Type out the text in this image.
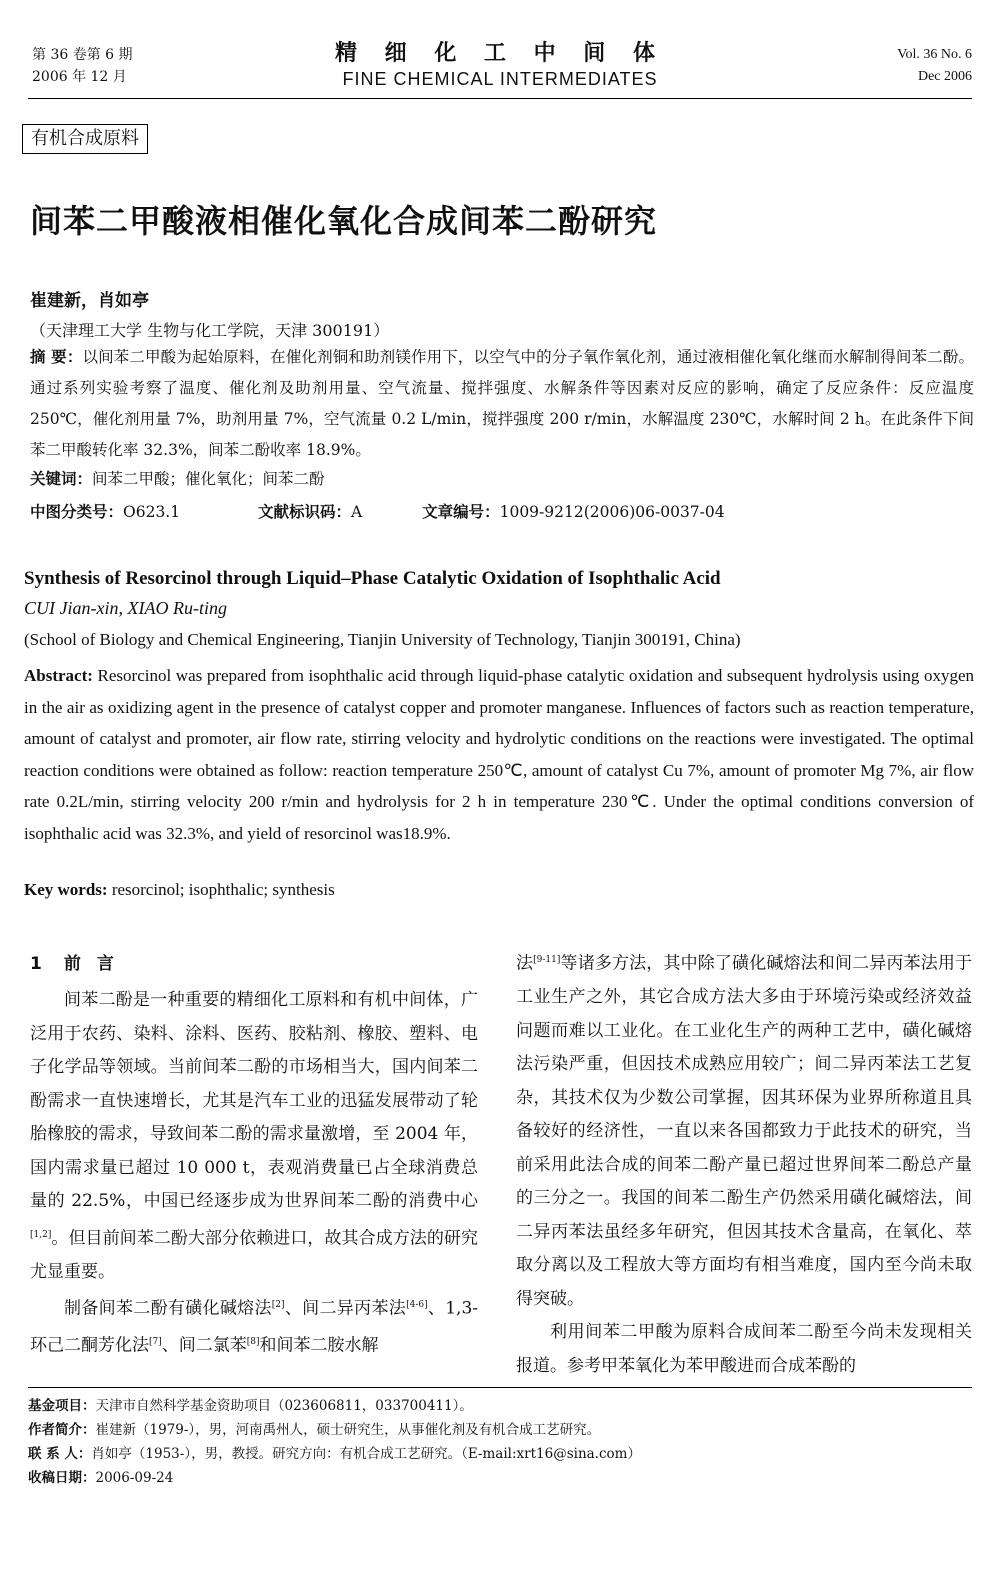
第 36 卷第 6 期
2006 年 12 月
精 细 化 工 中 间 体
FINE CHEMICAL INTERMEDIATES
Vol. 36 No. 6
Dec 2006
有机合成原料
间苯二甲酸液相催化氧化合成间苯二酚研究
崔建新，肖如亭
（天津理工大学 生物与化工学院，天津 300191）
摘 要：以间苯二甲酸为起始原料，在催化剂铜和助剂镁作用下，以空气中的分子氧作氧化剂，通过液相催化氧化继而水解制得间苯二酚。通过系列实验考察了温度、催化剂及助剂用量、空气流量、搅拌强度、水解条件等因素对反应的影响，确定了反应条件：反应温度 250℃，催化剂用量 7%，助剂用量 7%，空气流量 0.2 L/min，搅拌强度 200 r/min，水解温度 230℃，水解时间 2 h。在此条件下间苯二甲酸转化率 32.3%，间苯二酚收率 18.9%。
关键词：间苯二甲酸；催化氧化；间苯二酚
中图分类号：O623.1	文献标识码：A	文章编号：1009-9212(2006)06-0037-04
Synthesis of Resorcinol through Liquid–Phase Catalytic Oxidation of Isophthalic Acid
CUI Jian-xin, XIAO Ru-ting
(School of Biology and Chemical Engineering, Tianjin University of Technology, Tianjin 300191, China)
Abstract: Resorcinol was prepared from isophthalic acid through liquid-phase catalytic oxidation and subsequent hydrolysis using oxygen in the air as oxidizing agent in the presence of catalyst copper and promoter manganese. Influences of factors such as reaction temperature, amount of catalyst and promoter, air flow rate, stirring velocity and hydrolytic conditions on the reactions were investigated. The optimal reaction conditions were obtained as follow: reaction temperature 250℃, amount of catalyst Cu 7%, amount of promoter Mg 7%, air flow rate 0.2L/min, stirring velocity 200 r/min and hydrolysis for 2 h in temperature 230℃. Under the optimal conditions conversion of isophthalic acid was 32.3%, and yield of resorcinol was18.9%.
Key words: resorcinol; isophthalic; synthesis
1 前言

间苯二酚是一种重要的精细化工原料和有机中间体，广泛用于农药、染料、涂料、医药、胶粘剂、橡胶、塑料、电子化学品等领域。当前间苯二酚的市场相当大，国内间苯二酚需求一直快速增长，尤其是汽车工业的迅猛发展带动了轮胎橡胶的需求，导致间苯二酚的需求量激增，至 2004 年，国内需求量已超过 10 000 t，表观消费量已占全球消费总量的 22.5%，中国已经逐步成为世界间苯二酚的消费中心[1,2]。但目前间苯二酚大部分依赖进口，故其合成方法的研究尤显重要。

制备间苯二酚有磺化碱熔法[2]、间二异丙苯法[4-6]、1,3-环己二酮芳化法[7]、间二氯苯[8]和间苯二胺水解

法[9-11]等诸多方法，其中除了磺化碱熔法和间二异丙苯法用于工业生产之外，其它合成方法大多由于环境污染或经济效益问题而难以工业化。在工业化生产的两种工艺中，磺化碱熔法污染严重，但因技术成熟应用较广；间二异丙苯法工艺复杂，其技术仅为少数公司掌握，因其环保为业界所称道且具备较好的经济性，一直以来各国都致力于此技术的研究，当前采用此法合成的间苯二酚产量已超过世界间苯二酚总产量的三分之一。我国的间苯二酚生产仍然采用磺化碱熔法，间二异丙苯法虽经多年研究，但因其技术含量高，在氧化、萃取分离以及工程放大等方面均有相当难度，国内至今尚未取得突破。

利用间苯二甲酸为原料合成间苯二酚至今尚未发现相关报道。参考甲苯氧化为苯甲酸进而合成苯酚的

基金项目：天津市自然科学基金资助项目（023606811，033700411）。
作者简介：崔建新（1979-），男，河南禹州人，硕士研究生，从事催化剂及有机合成工艺研究。
联 系 人：肖如亭（1953-），男，教授。研究方向：有机合成工艺研究。（E-mail:xrt16@sina.com）
收稿日期：2006-09-24
